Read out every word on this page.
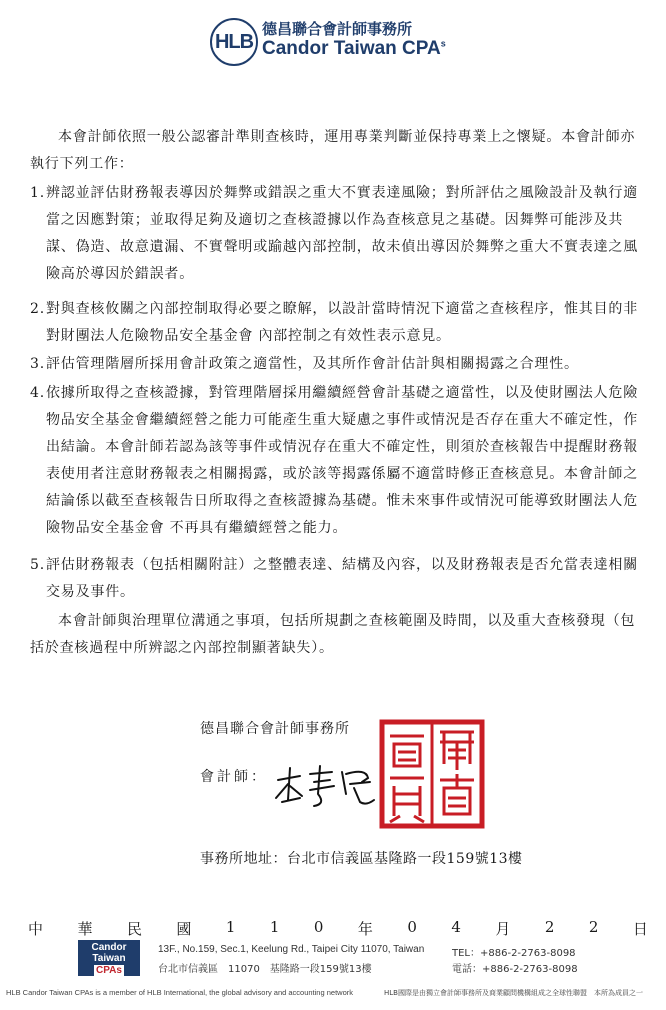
HLB
德昌聯合會計師事務所
Candor Taiwan CPA$^s$
本會計師依照一般公認審計準則查核時，運用專業判斷並保持專業上之懷疑。本會計師亦執行下列工作：
1. 辨認並評估財務報表導因於舞弊或錯誤之重大不實表達風險；對所評估之風險設計及執行適當之因應對策；並取得足夠及適切之查核證據以作為查核意見之基礎。因舞弊可能涉及共謀、偽造、故意遺漏、不實聲明或踰越內部控制，故未偵出導因於舞弊之重大不實表達之風險高於導因於錯誤者。
2. 對與查核攸關之內部控制取得必要之瞭解，以設計當時情況下適當之查核程序，惟其目的非對財團法人危險物品安全基金會 內部控制之有效性表示意見。
3. 評估管理階層所採用會計政策之適當性，及其所作會計估計與相關揭露之合理性。
4. 依據所取得之查核證據，對管理階層採用繼續經營會計基礎之適當性，以及使財團法人危險物品安全基金會繼續經營之能力可能產生重大疑慮之事件或情況是否存在重大不確定性，作出結論。本會計師若認為該等事件或情況存在重大不確定性，則須於查核報告中提醒財務報表使用者注意財務報表之相關揭露，或於該等揭露係屬不適當時修正查核意見。本會計師之結論係以截至查核報告日所取得之查核證據為基礎。惟未來事件或情況可能導致財團法人危險物品安全基金會 不再具有繼續經營之能力。
5. 評估財務報表（包括相關附註）之整體表達、結構及內容，以及財務報表是否允當表達相關交易及事件。
本會計師與治理單位溝通之事項，包括所規劃之查核範圍及時間，以及重大查核發現（包括於查核過程中所辨認之內部控制顯著缺失）。
德昌聯合會計師事務所
會計師：
事務所地址：台北市信義區基隆路一段159號13樓
中 華 民 國 1 1 0 年 0 4 月 2 2 日
Candor
Taiwan
CPAs
13F., No.159, Sec.1, Keelung Rd., Taipei City 11070, Taiwan
台北市信義區　11070　基隆路一段159號13樓
TEL：+886-2-2763-8098
電話：+886-2-2763-8098
HLB Candor Taiwan CPAs is a member of HLB International, the global advisory and accounting network	HLB國際是由獨立會計師事務所及商業顧問機構組成之全球性聯盟　本所為成員之一
